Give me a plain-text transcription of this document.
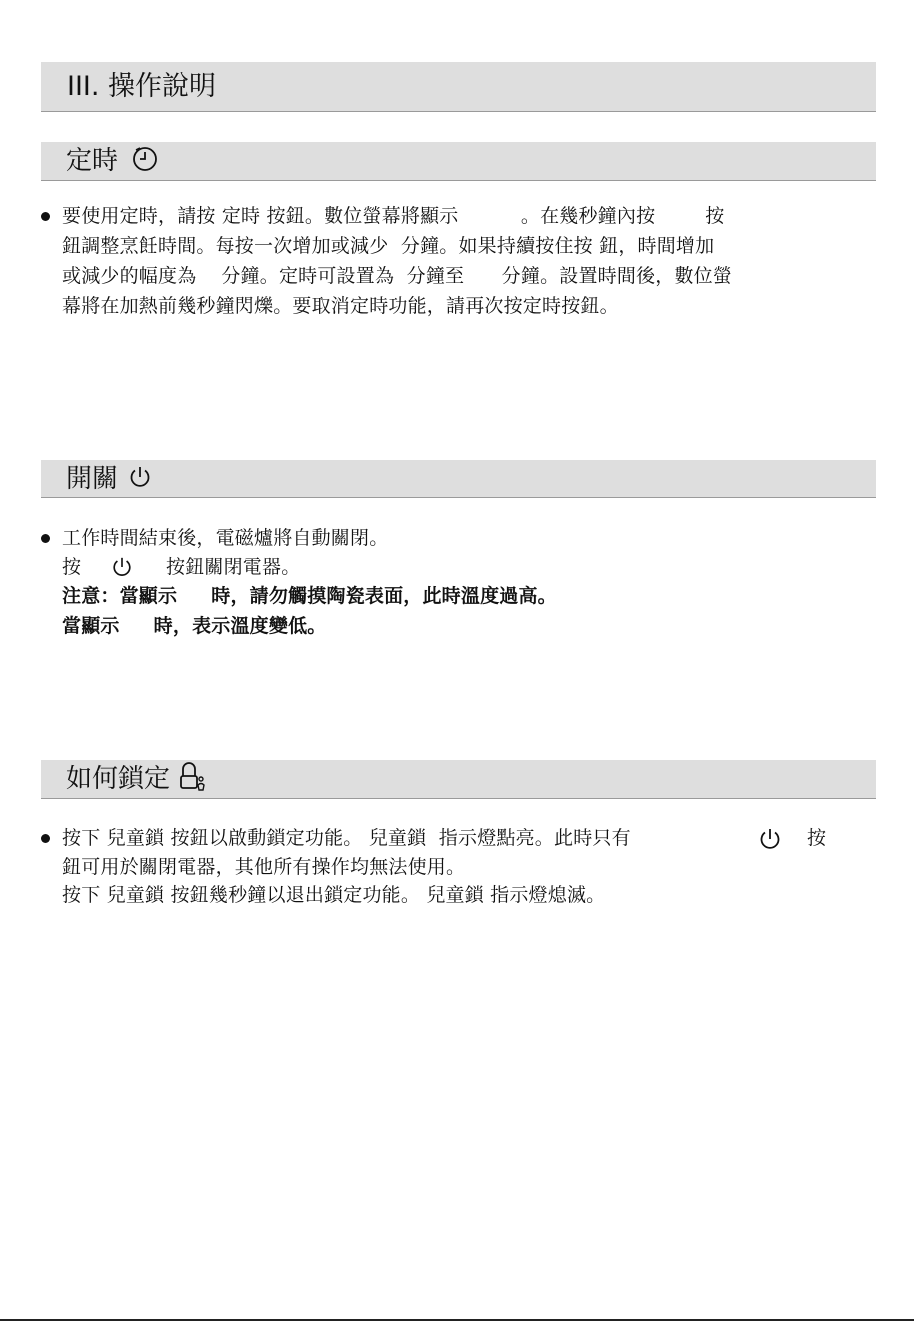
III. 操作說明
定時
要使用定時，請按 定時 按鈕。數位螢幕將顯示          。在幾秒鐘內按        按
鈕調整烹飪時間。每按一次增加或減少  分鐘。如果持續按住按 鈕，時間增加
或減少的幅度為    分鐘。定時可設置為  分鐘至      分鐘。設置時間後，數位螢
幕將在加熱前幾秒鐘閃爍。要取消定時功能，請再次按定時按鈕。
開關
工作時間結束後，電磁爐將自動關閉。
按	按鈕關閉電器。
注意：當顯示     時，請勿觸摸陶瓷表面，此時溫度過高。
當顯示     時，表示溫度變低。
如何鎖定
按下 兒童鎖 按鈕以啟動鎖定功能。 兒童鎖  指示燈點亮。此時只有	按
鈕可用於關閉電器，其他所有操作均無法使用。
按下 兒童鎖 按鈕幾秒鐘以退出鎖定功能。 兒童鎖 指示燈熄滅。
